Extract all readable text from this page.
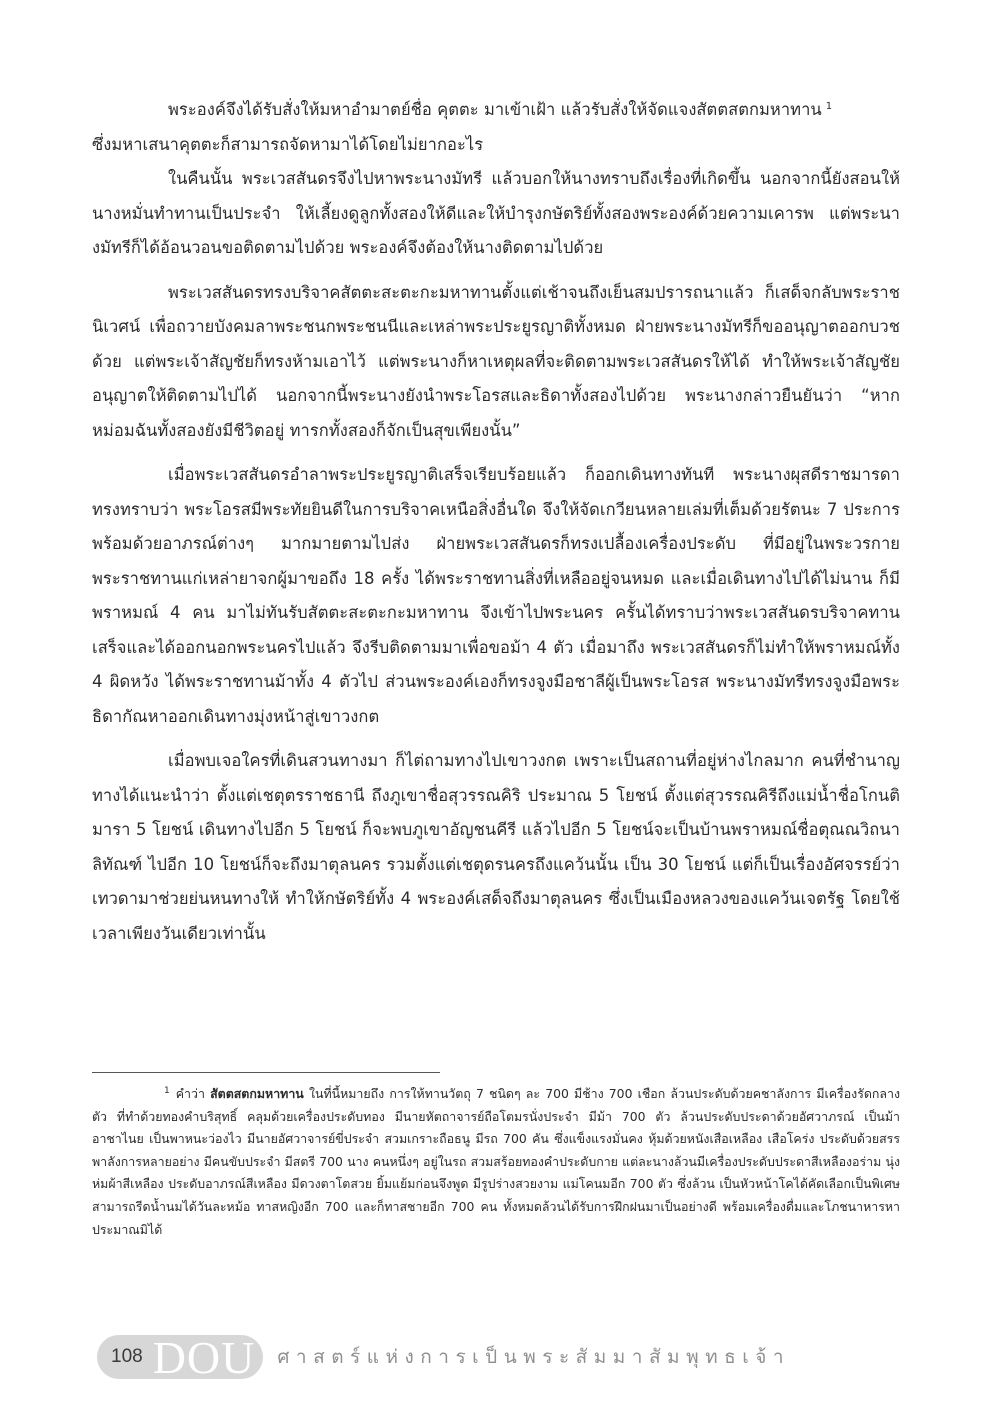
พระองค์จึงได้รับสั่งให้มหาอำมาตย์ชื่อ คุตตะ มาเข้าเฝ้า แล้วรับสั่งให้จัดแจงสัตตสตกมหาทาน $^1$
ซึ่งมหาเสนาคุตตะก็สามารถจัดหามาได้โดยไม่ยากอะไร

ในคืนนั้น พระเวสสันดรจึงไปหาพระนางมัทรี แล้วบอกให้นางทราบถึงเรื่องที่เกิดขึ้น นอกจากนี้ยังสอนให้นางหมั่นทำทานเป็นประจำ ให้เลี้ยงดูลูกทั้งสองให้ดีและให้บำรุงกษัตริย์ทั้งสองพระองค์ด้วยความเคารพ แต่พระนางมัทรีก็ได้อ้อนวอนขอติดตามไปด้วย พระองค์จึงต้องให้นางติดตามไปด้วย

พระเวสสันดรทรงบริจาคสัตตะสะตะกะมหาทานตั้งแต่เช้าจนถึงเย็นสมปรารถนาแล้ว ก็เสด็จกลับพระราชนิเวศน์ เพื่อถวายบังคมลาพระชนกพระชนนีและเหล่าพระประยูรญาติทั้งหมด ฝ่ายพระนางมัทรีก็ขออนุญาตออกบวชด้วย แต่พระเจ้าสัญชัยก็ทรงห้ามเอาไว้ แต่พระนางก็หาเหตุผลที่จะติดตามพระเวสสันดรให้ได้ ทำให้พระเจ้าสัญชัยอนุญาตให้ติดตามไปได้ นอกจากนี้พระนางยังนำพระโอรสและธิดาทั้งสองไปด้วย พระนางกล่าวยืนยันว่า “หากหม่อมฉันทั้งสองยังมีชีวิตอยู่ ทารกทั้งสองก็จักเป็นสุขเพียงนั้น”

เมื่อพระเวสสันดรอำลาพระประยูรญาติเสร็จเรียบร้อยแล้ว ก็ออกเดินทางทันที พระนางผุสดีราชมารดาทรงทราบว่า พระโอรสมีพระทัยยินดีในการบริจาคเหนือสิ่งอื่นใด จึงให้จัดเกวียนหลายเล่มที่เต็มด้วยรัตนะ 7 ประการ พร้อมด้วยอาภรณ์ต่างๆ มากมายตามไปส่ง ฝ่ายพระเวสสันดรก็ทรงเปลื้องเครื่องประดับ ที่มีอยู่ในพระวรกาย พระราชทานแก่เหล่ายาจกผู้มาขอถึง 18 ครั้ง ได้พระราชทานสิ่งที่เหลืออยู่จนหมด และเมื่อเดินทางไปได้ไม่นาน ก็มีพราหมณ์ 4 คน มาไม่ทันรับสัตตะสะตะกะมหาทาน จึงเข้าไปพระนคร ครั้นได้ทราบว่าพระเวสสันดรบริจาคทานเสร็จและได้ออกนอกพระนครไปแล้ว จึงรีบติดตามมาเพื่อขอม้า 4 ตัว เมื่อมาถึง พระเวสสันดรก็ไม่ทำให้พราหมณ์ทั้ง 4 ผิดหวัง ได้พระราชทานม้าทั้ง 4 ตัวไป ส่วนพระองค์เองก็ทรงจูงมือชาลีผู้เป็นพระโอรส พระนางมัทรีทรงจูงมือพระธิดากัณหาออกเดินทางมุ่งหน้าสู่เขาวงกต

เมื่อพบเจอใครที่เดินสวนทางมา ก็ไต่ถามทางไปเขาวงกต เพราะเป็นสถานที่อยู่ห่างไกลมาก คนที่ชำนาญทางได้แนะนำว่า ตั้งแต่เชตุตรราชธานี ถึงภูเขาชื่อสุวรรณคิริ ประมาณ 5 โยชน์ ตั้งแต่สุวรรณคิรีถึงแม่น้ำชื่อโกนติมารา 5 โยชน์ เดินทางไปอีก 5 โยชน์ ก็จะพบภูเขาอัญชนคีรี แล้วไปอีก 5 โยชน์จะเป็นบ้านพราหมณ์ชื่อตุณณวิถนาลิทัณฑ์ ไปอีก 10 โยชน์ก็จะถึงมาตุลนคร รวมตั้งแต่เชตุดรนครถึงแคว้นนั้น เป็น 30 โยชน์ แต่ก็เป็นเรื่องอัศจรรย์ว่า เทวดามาช่วยย่นหนทางให้ ทำให้กษัตริย์ทั้ง 4 พระองค์เสด็จถึงมาตุลนคร ซึ่งเป็นเมืองหลวงของแคว้นเจตรัฐ โดยใช้เวลาเพียงวันเดียวเท่านั้น

$^1$ คำว่า สัตตสตกมหาทาน ในที่นี้หมายถึง การให้ทานวัตถุ 7 ชนิดๆ ละ 700 มีช้าง 700 เชือก ล้วนประดับด้วยคชาลังการ มีเครื่องรัดกลางตัว ที่ทำด้วยทองคำบริสุทธิ์ คลุมด้วยเครื่องประดับทอง มีนายหัตถาจารย์ถือโตมรนั่งประจำ มีม้า 700 ตัว ล้วนประดับประดาด้วยอัศวาภรณ์ เป็นม้าอาชาไนย เป็นพาหนะว่องไว มีนายอัศวาจารย์ขี่ประจำ สวมเกราะถือธนู มีรถ 700 คัน ซึ่งแข็งแรงมั่นคง หุ้มด้วยหนังเสือเหลือง เสือโคร่ง ประดับด้วยสรรพาลังการหลายอย่าง มีคนขับประจำ มีสตรี 700 นาง คนหนึ่งๆ อยู่ในรถ สวมสร้อยทองคำประดับกาย แต่ละนางล้วนมีเครื่องประดับประดาสีเหลืองอร่าม นุ่งห่มผ้าสีเหลือง ประดับอาภรณ์สีเหลือง มีดวงตาโตสวย ยิ้มแย้มก่อนจึงพูด มีรูปร่างสวยงาม แม่โคนมอีก 700 ตัว ซึ่งล้วน เป็นหัวหน้าโคได้คัดเลือกเป็นพิเศษ สามารถรีดน้ำนมได้วันละหม้อ ทาสหญิงอีก 700 และก็ทาสชายอีก 700 คน ทั้งหมดล้วนได้รับการฝึกฝนมาเป็นอย่างดี พร้อมเครื่องดื่มและโภชนาหารหาประมาณมิได้
108 DOU ศาสตร์แห่งการเป็นพระสัมมาสัมพุทธเจ้า
